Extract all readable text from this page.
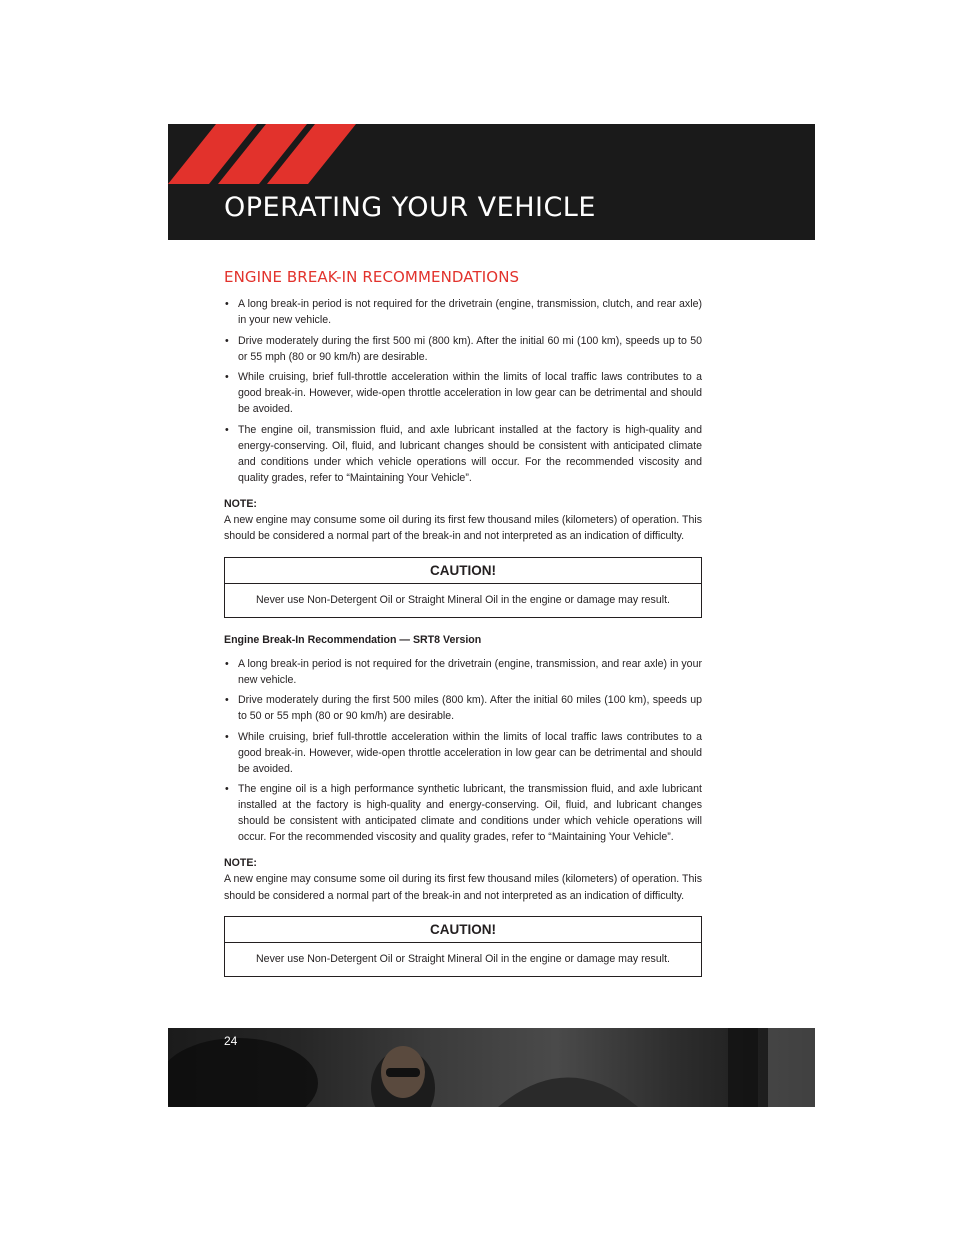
OPERATING YOUR VEHICLE
ENGINE BREAK-IN RECOMMENDATIONS
• A long break-in period is not required for the drivetrain (engine, transmission, clutch, and rear axle) in your new vehicle.
• Drive moderately during the first 500 mi (800 km). After the initial 60 mi (100 km), speeds up to 50 or 55 mph (80 or 90 km/h) are desirable.
• While cruising, brief full-throttle acceleration within the limits of local traffic laws contributes to a good break-in. However, wide-open throttle acceleration in low gear can be detrimental and should be avoided.
• The engine oil, transmission fluid, and axle lubricant installed at the factory is high-quality and energy-conserving. Oil, fluid, and lubricant changes should be consistent with anticipated climate and conditions under which vehicle operations will occur. For the recommended viscosity and quality grades, refer to “Maintaining Your Vehicle”.

NOTE:

A new engine may consume some oil during its first few thousand miles (kilometers) of operation. This should be considered a normal part of the break-in and not interpreted as an indication of difficulty.

CAUTION!
Never use Non-Detergent Oil or Straight Mineral Oil in the engine or damage may result.

Engine Break-In Recommendation — SRT8 Version

• A long break-in period is not required for the drivetrain (engine, transmission, and rear axle) in your new vehicle.
• Drive moderately during the first 500 miles (800 km). After the initial 60 miles (100 km), speeds up to 50 or 55 mph (80 or 90 km/h) are desirable.
• While cruising, brief full-throttle acceleration within the limits of local traffic laws contributes to a good break-in. However, wide-open throttle acceleration in low gear can be detrimental and should be avoided.
• The engine oil is a high performance synthetic lubricant, the transmission fluid, and axle lubricant installed at the factory is high-quality and energy-conserving. Oil, fluid, and lubricant changes should be consistent with anticipated climate and conditions under which vehicle operations will occur. For the recommended viscosity and quality grades, refer to “Maintaining Your Vehicle”.

NOTE:

A new engine may consume some oil during its first few thousand miles (kilometers) of operation. This should be considered a normal part of the break-in and not interpreted as an indication of difficulty.

CAUTION!
Never use Non-Detergent Oil or Straight Mineral Oil in the engine or damage may result.
24
